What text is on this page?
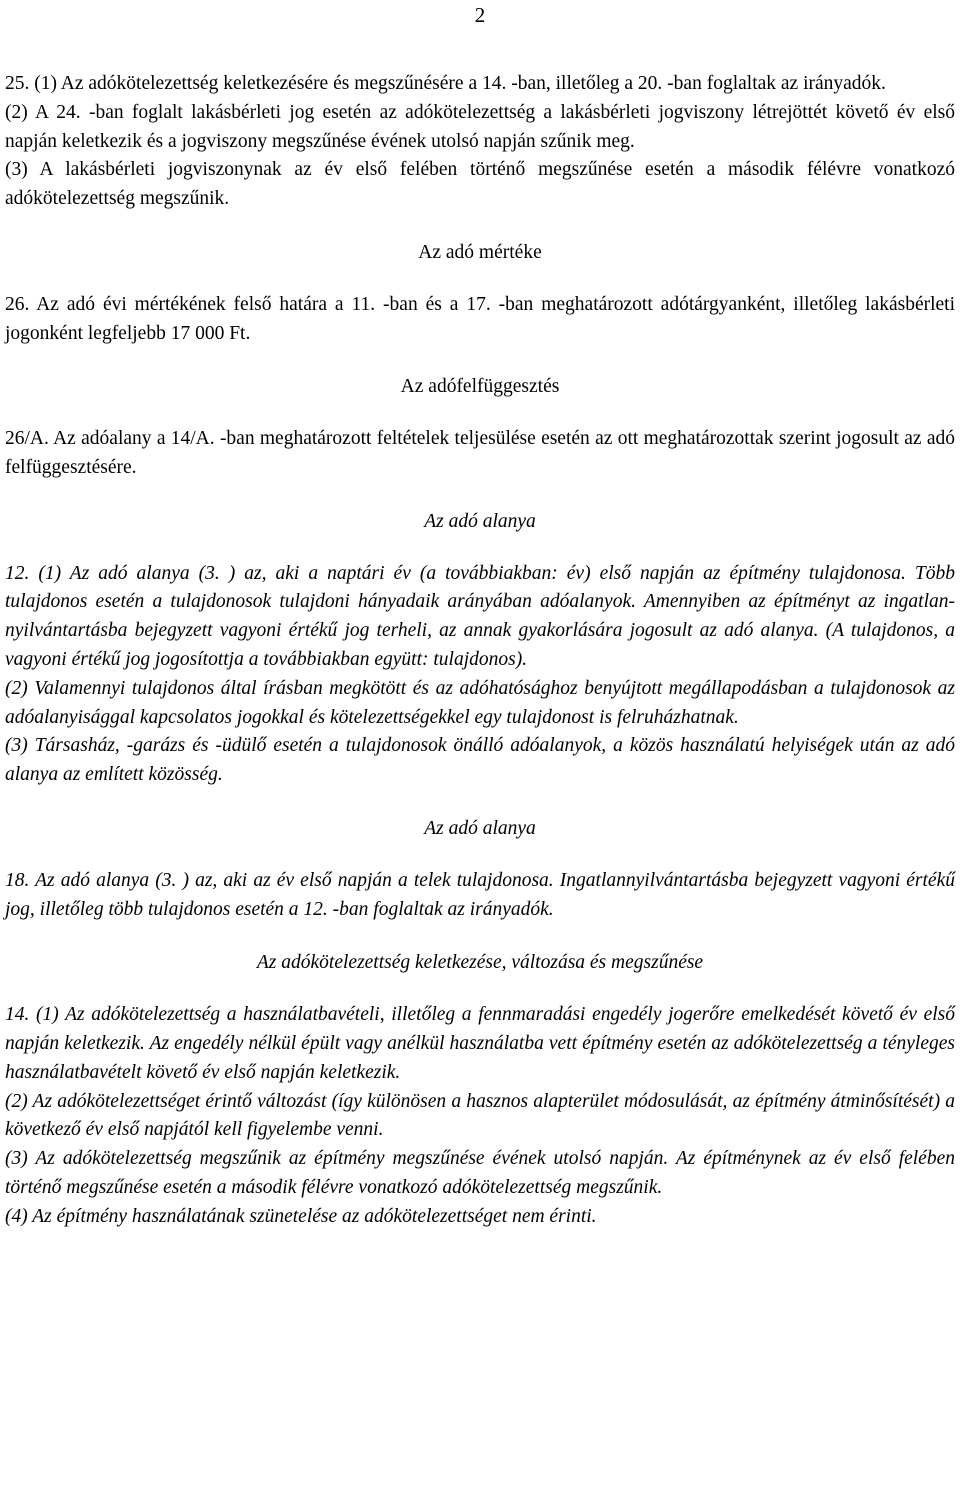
2

25. (1) Az adókötelezettség keletkezésére és megszűnésére a 14. -ban, illetőleg a 20. -ban foglaltak az irányadók.

(2) A 24. -ban foglalt lakásbérleti jog esetén az adókötelezettség a lakásbérleti jogviszony létrejöttét követő év első napján keletkezik és a jogviszony megszűnése évének utolsó napján szűnik meg.

(3) A lakásbérleti jogviszonynak az év első felében történő megszűnése esetén a második félévre vonatkozó adókötelezettség megszűnik.

Az adó mértéke

26. Az adó évi mértékének felső határa a 11. -ban és a 17. -ban meghatározott adótárgyanként, illetőleg lakásbérleti jogonként legfeljebb 17 000 Ft.

Az adófelfüggesztés

26/A. Az adóalany a 14/A. -ban meghatározott feltételek teljesülése esetén az ott meghatározottak szerint jogosult az adó felfüggesztésére.

Az adó alanya

12. (1) Az adó alanya (3. ) az, aki a naptári év (a továbbiakban: év) első napján az építmény tulajdonosa. Több tulajdonos esetén a tulajdonosok tulajdoni hányadaik arányában adóalanyok. Amennyiben az építményt az ingatlan-nyilvántartásba bejegyzett vagyoni értékű jog terheli, az annak gyakorlására jogosult az adó alanya. (A tulajdonos, a vagyoni értékű jog jogosítottja a továbbiakban együtt: tulajdonos).

(2) Valamennyi tulajdonos által írásban megkötött és az adóhatósághoz benyújtott megállapodásban a tulajdonosok az adóalanyisággal kapcsolatos jogokkal és kötelezettségekkel egy tulajdonost is felruházhatnak.

(3) Társasház, -garázs és -üdülő esetén a tulajdonosok önálló adóalanyok, a közös használatú helyiségek után az adó alanya az említett közösség.

Az adó alanya

18. Az adó alanya (3. ) az, aki az év első napján a telek tulajdonosa. Ingatlannyilvántartásba bejegyzett vagyoni értékű jog, illetőleg több tulajdonos esetén a 12. -ban foglaltak az irányadók.

Az adókötelezettség keletkezése, változása és megszűnése

14. (1) Az adókötelezettség a használatbavételi, illetőleg a fennmaradási engedély jogerőre emelkedését követő év első napján keletkezik. Az engedély nélkül épült vagy anélkül használatba vett építmény esetén az adókötelezettség a tényleges használatbavételt követő év első napján keletkezik.

(2) Az adókötelezettséget érintő változást (így különösen a hasznos alapterület módosulását, az építmény átminősítését) a következő év első napjától kell figyelembe venni.

(3) Az adókötelezettség megszűnik az építmény megszűnése évének utolsó napján. Az építménynek az év első felében történő megszűnése esetén a második félévre vonatkozó adókötelezettség megszűnik.

(4) Az építmény használatának szünetelése az adókötelezettséget nem érinti.
